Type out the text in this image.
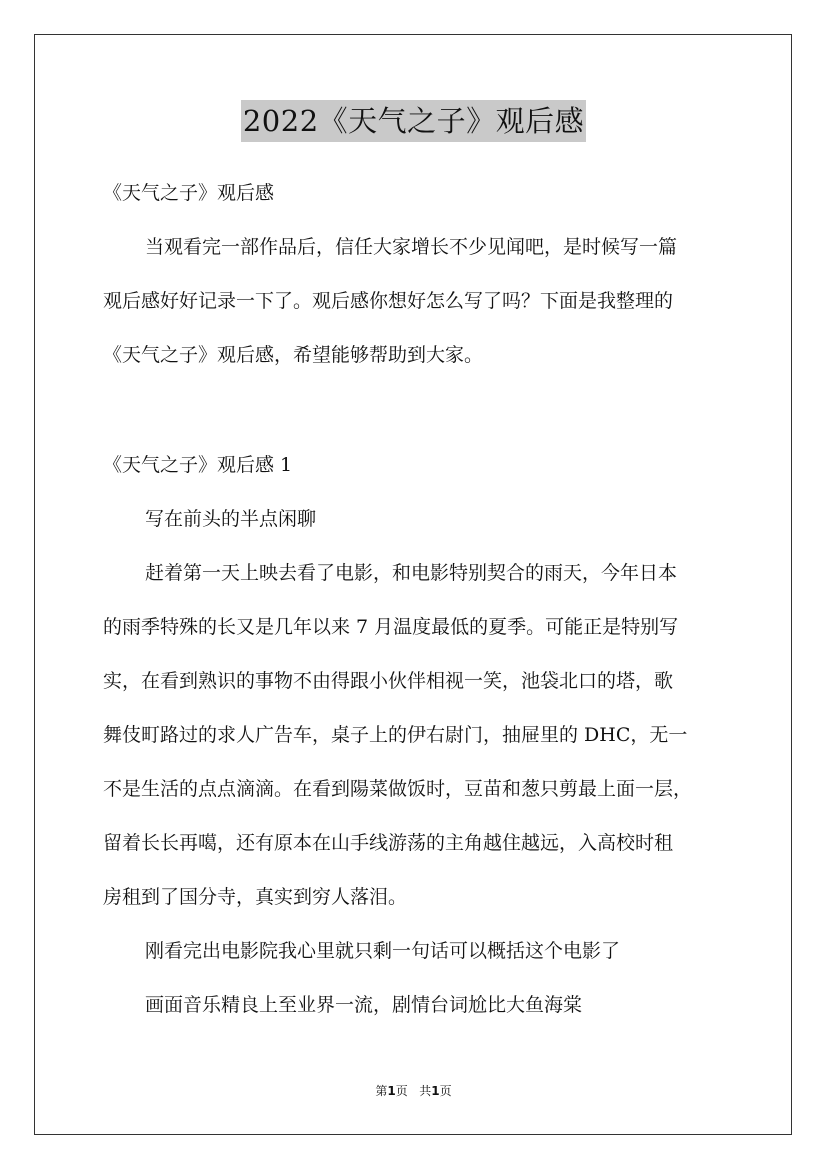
2022《天气之子》观后感
《天气之子》观后感
当观看完一部作品后，信任大家增长不少见闻吧，是时候写一篇
观后感好好记录一下了。观后感你想好怎么写了吗？下面是我整理的
《天气之子》观后感，希望能够帮助到大家。
《天气之子》观后感 1
写在前头的半点闲聊
赶着第一天上映去看了电影，和电影特别契合的雨天，今年日本
的雨季特殊的长又是几年以来 7 月温度最低的夏季。可能正是特别写
实，在看到熟识的事物不由得跟小伙伴相视一笑，池袋北口的塔，歌
舞伎町路过的求人广告车，桌子上的伊右尉门，抽屉里的 DHC，无一
不是生活的点点滴滴。在看到陽菜做饭时，豆苗和葱只剪最上面一层，
留着长长再噶，还有原本在山手线游荡的主角越住越远，入高校时租
房租到了国分寺，真实到穷人落泪。
刚看完出电影院我心里就只剩一句话可以概括这个电影了
画面音乐精良上至业界一流，剧情台词尬比大鱼海棠
第1页 共1页
